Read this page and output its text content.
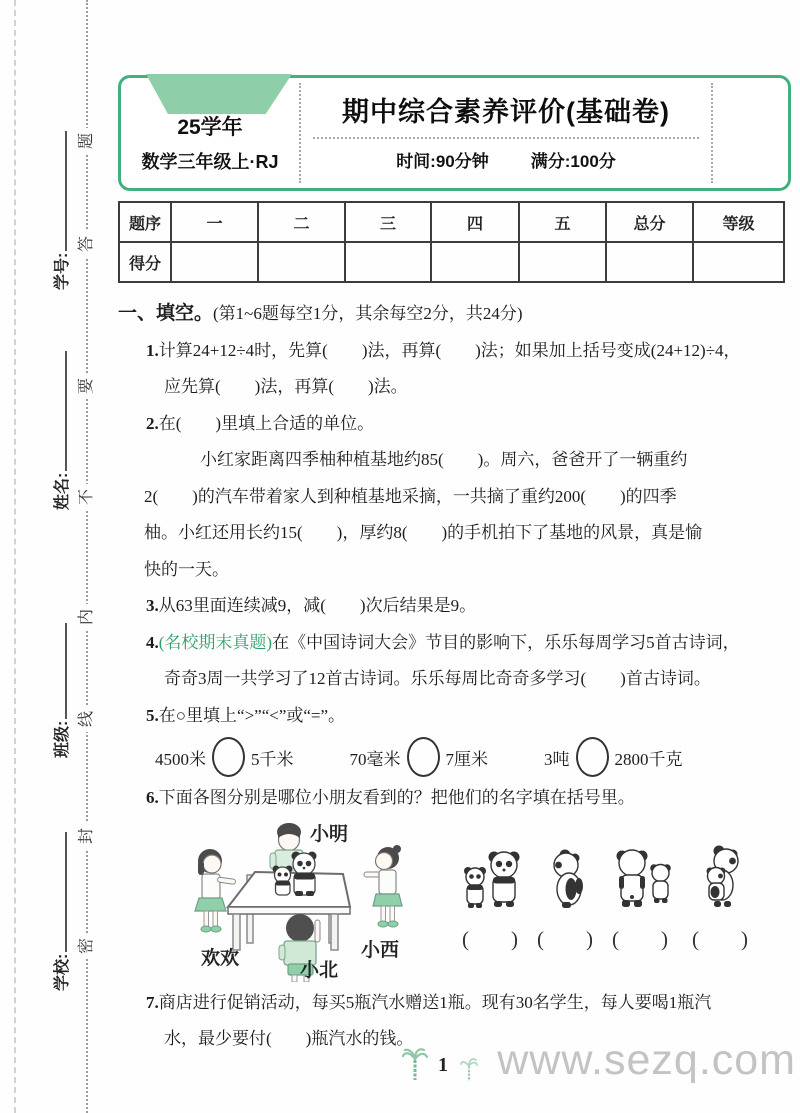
题
答
要
不
内
线
封
密
学号:
姓名:
班级:
学校:
25学年
数学三年级上·RJ
期中综合素养评价(基础卷)
时间:90分钟 满分:100分
题序	一	二	三	四	五	总分	等级
得分							
一、填空。(第1~6题每空1分，其余每空2分，共24分)
1.计算24+12÷4时，先算(　　)法，再算(　　)法；如果加上括号变成(24+12)÷4，
应先算(　　)法，再算(　　)法。
2.在(　　)里填上合适的单位。
小红家距离四季柚种植基地约85(　　)。周六，爸爸开了一辆重约
2(　　)的汽车带着家人到种植基地采摘，一共摘了重约200(　　)的四季
柚。小红还用长约15(　　)，厚约8(　　)的手机拍下了基地的风景，真是愉
快的一天。
3.从63里面连续减9，减(　　)次后结果是9。
4.(名校期末真题)在《中国诗词大会》节目的影响下，乐乐每周学习5首古诗词，
奇奇3周一共学习了12首古诗词。乐乐每周比奇奇多学习(　　)首古诗词。
5.在○里填上“>”“<”或“=”。
4500米	5千米	70毫米	7厘米	3吨	2800千克
6.下面各图分别是哪位小朋友看到的？把他们的名字填在括号里。
小明
欢欢
小北
小西	(　　) (　　) (　　)	(　　)
7.商店进行促销活动，每买5瓶汽水赠送1瓶。现有30名学生，每人要喝1瓶汽
水，最少要付(　　)瓶汽水的钱。
1 www.sezq.com
